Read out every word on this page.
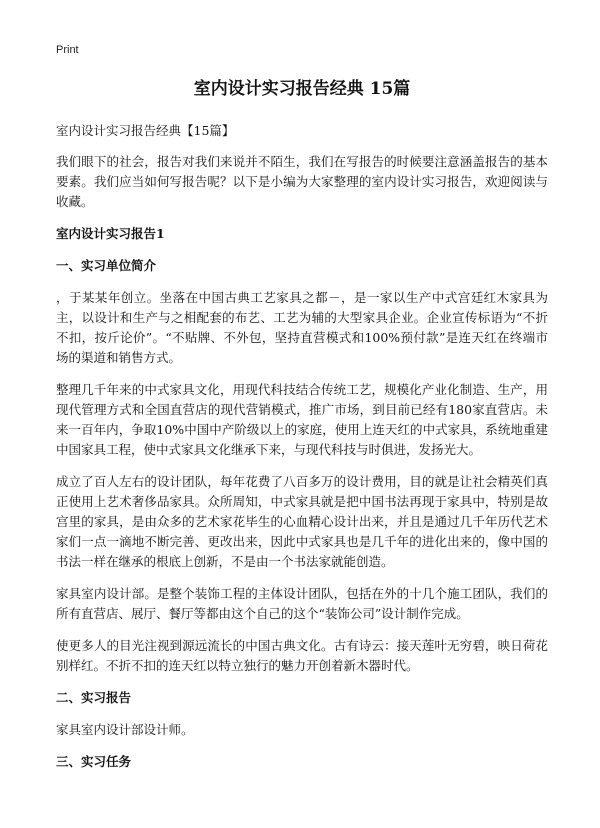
Print
室内设计实习报告经典 15篇
室内设计实习报告经典【15篇】

我们眼下的社会，报告对我们来说并不陌生，我们在写报告的时候要注意涵盖报告的基本要素。我们应当如何写报告呢？以下是小编为大家整理的室内设计实习报告，欢迎阅读与收藏。

室内设计实习报告1
一、实习单位简介

，于某某年创立。坐落在中国古典工艺家具之都－，是一家以生产中式宫廷红木家具为主，以设计和生产与之相配套的布艺、工艺为辅的大型家具企业。企业宣传标语为“不折不扣，按斤论价”。“不贴牌、不外包，坚持直营模式和100%预付款”是连天红在终端市场的渠道和销售方式。

整理几千年来的中式家具文化，用现代科技结合传统工艺，规模化产业化制造、生产，用现代管理方式和全国直营店的现代营销模式，推广市场，到目前已经有180家直营店。未来一百年内，争取10%中国中产阶级以上的家庭，使用上连天红的中式家具，系统地重建中国家具工程，使中式家具文化继承下来，与现代科技与时俱进，发扬光大。

成立了百人左右的设计团队，每年花费了八百多万的设计费用，目的就是让社会精英们真正使用上艺术奢侈品家具。众所周知，中式家具就是把中国书法再现于家具中，特别是故宫里的家具，是由众多的艺术家花毕生的心血精心设计出来，并且是通过几千年历代艺术家们一点一滴地不断完善、更改出来，因此中式家具也是几千年的进化出来的，像中国的书法一样在继承的根底上创新，不是由一个书法家就能创造。

家具室内设计部。是整个装饰工程的主体设计团队，包括在外的十几个施工团队，我们的所有直营店、展厅、餐厅等都由这个自己的这个“装饰公司”设计制作完成。

使更多人的目光注视到源远流长的中国古典文化。古有诗云：接天莲叶无穷碧，映日荷花别样红。不折不扣的连天红以特立独行的魅力开创着新木器时代。

二、实习报告

家具室内设计部设计师。

三、实习任务
